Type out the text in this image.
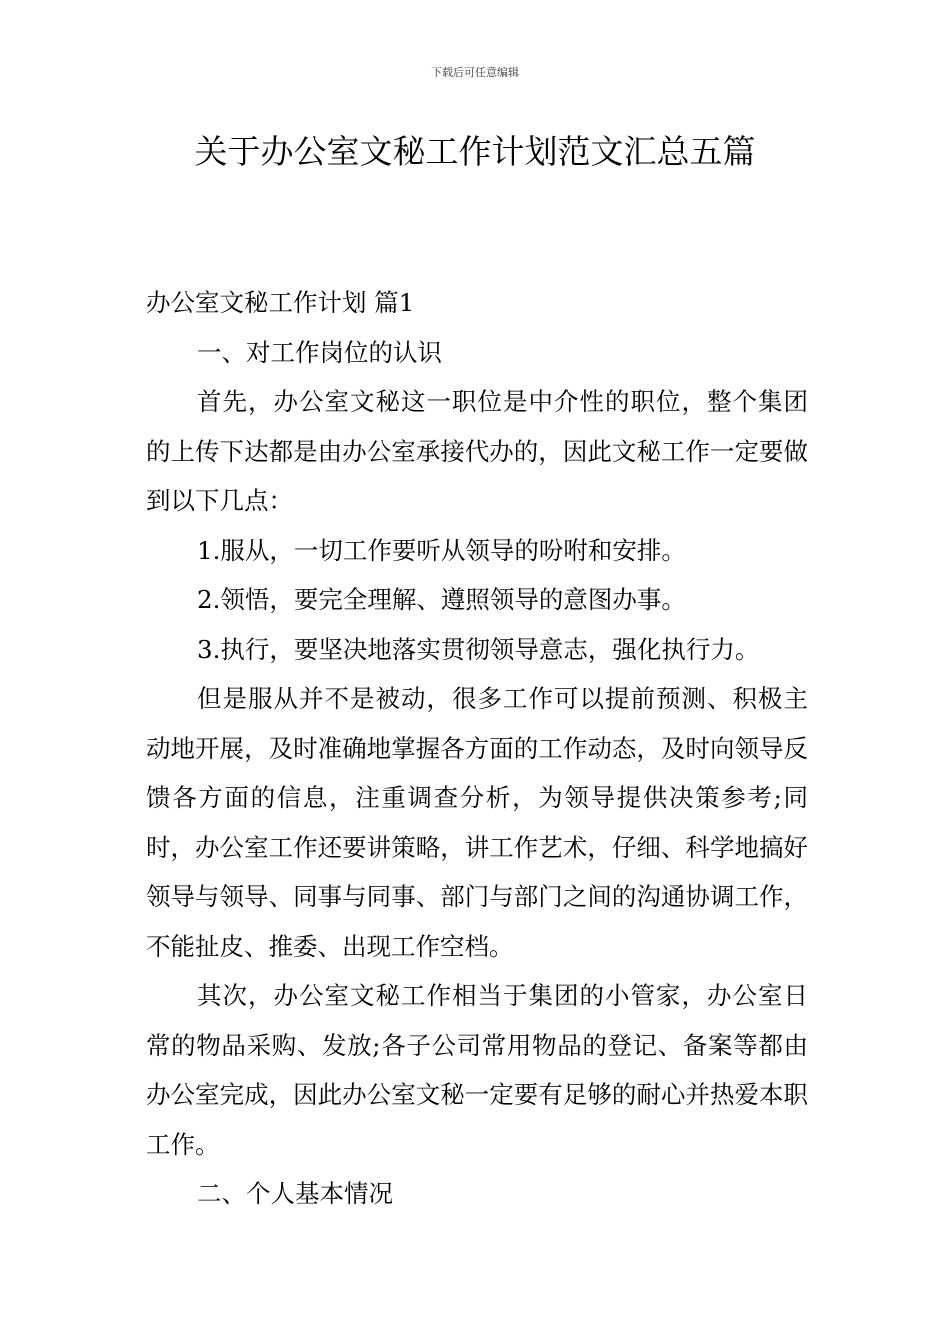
下载后可任意编辑
关于办公室文秘工作计划范文汇总五篇

办公室文秘工作计划 篇1

一、对工作岗位的认识

首先，办公室文秘这一职位是中介性的职位，整个集团的上传下达都是由办公室承接代办的，因此文秘工作一定要做到以下几点：

1.服从，一切工作要听从领导的吩咐和安排。

2.领悟，要完全理解、遵照领导的意图办事。

3.执行，要坚决地落实贯彻领导意志，强化执行力。

但是服从并不是被动，很多工作可以提前预测、积极主动地开展，及时准确地掌握各方面的工作动态，及时向领导反馈各方面的信息，注重调查分析，为领导提供决策参考;同时，办公室工作还要讲策略，讲工作艺术，仔细、科学地搞好领导与领导、同事与同事、部门与部门之间的沟通协调工作，不能扯皮、推委、出现工作空档。

其次，办公室文秘工作相当于集团的小管家，办公室日常的物品采购、发放;各子公司常用物品的登记、备案等都由办公室完成，因此办公室文秘一定要有足够的耐心并热爱本职工作。

二、个人基本情况
